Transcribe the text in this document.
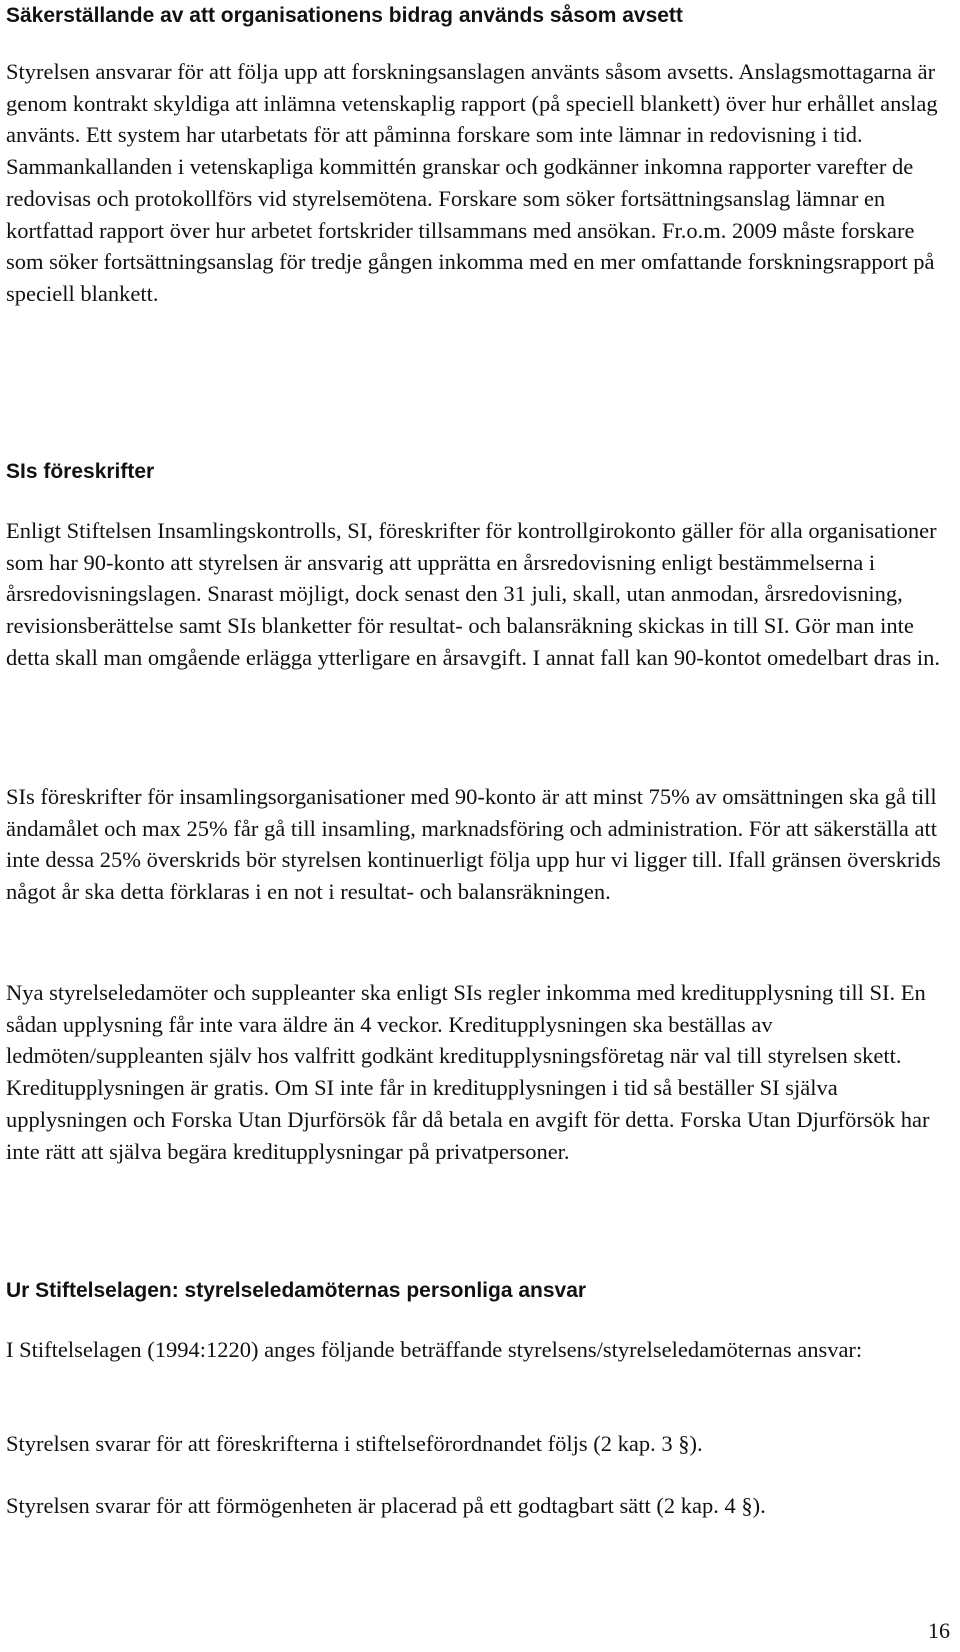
Säkerställande av att organisationens bidrag används såsom avsett

Styrelsen ansvarar för att följa upp att forskningsanslagen använts såsom avsetts. Anslagsmottagarna är genom kontrakt skyldiga att inlämna vetenskaplig rapport (på speciell blankett) över hur erhållet anslag använts. Ett system har utarbetats för att påminna forskare som inte lämnar in redovisning i tid. Sammankallanden i vetenskapliga kommittén granskar och godkänner inkomna rapporter varefter de redovisas och protokollförs vid styrelsemötena. Forskare som söker fortsättningsanslag lämnar en kortfattad rapport över hur arbetet fortskrider tillsammans med ansökan. Fr.o.m. 2009 måste forskare som söker fortsättningsanslag för tredje gången inkomma med en mer omfattande forskningsrapport på speciell blankett.

SIs föreskrifter

Enligt Stiftelsen Insamlingskontrolls, SI, föreskrifter för kontrollgirokonto gäller för alla organisationer som har 90-konto att styrelsen är ansvarig att upprätta en årsredovisning enligt bestämmelserna i årsredovisningslagen. Snarast möjligt, dock senast den 31 juli, skall, utan anmodan, årsredovisning, revisionsberättelse samt SIs blanketter för resultat- och balansräkning skickas in till SI. Gör man inte detta skall man omgående erlägga ytterligare en årsavgift. I annat fall kan 90-kontot omedelbart dras in.

SIs föreskrifter för insamlingsorganisationer med 90-konto är att minst 75% av omsättningen ska gå till ändamålet och max 25% får gå till insamling, marknadsföring och administration. För att säkerställa att inte dessa 25% överskrids bör styrelsen kontinuerligt följa upp hur vi ligger till. Ifall gränsen överskrids något år ska detta förklaras i en not i resultat- och balansräkningen.

Nya styrelseledamöter och suppleanter ska enligt SIs regler inkomma med kreditupplysning till SI. En sådan upplysning får inte vara äldre än 4 veckor. Kreditupplysningen ska beställas av ledmöten/suppleanten själv hos valfritt godkänt kreditupplysningsföretag när val till styrelsen skett. Kreditupplysningen är gratis. Om SI inte får in kreditupplysningen i tid så beställer SI själva upplysningen och Forska Utan Djurförsök får då betala en avgift för detta. Forska Utan Djurförsök har inte rätt att själva begära kreditupplysningar på privatpersoner.

Ur Stiftelselagen: styrelseledamöternas personliga ansvar

I Stiftelselagen (1994:1220) anges följande beträffande styrelsens/styrelseledamöternas ansvar:

Styrelsen svarar för att föreskrifterna i stiftelseförordnandet följs (2 kap. 3 §).

Styrelsen svarar för att förmögenheten är placerad på ett godtagbart sätt (2 kap. 4 §).

16
